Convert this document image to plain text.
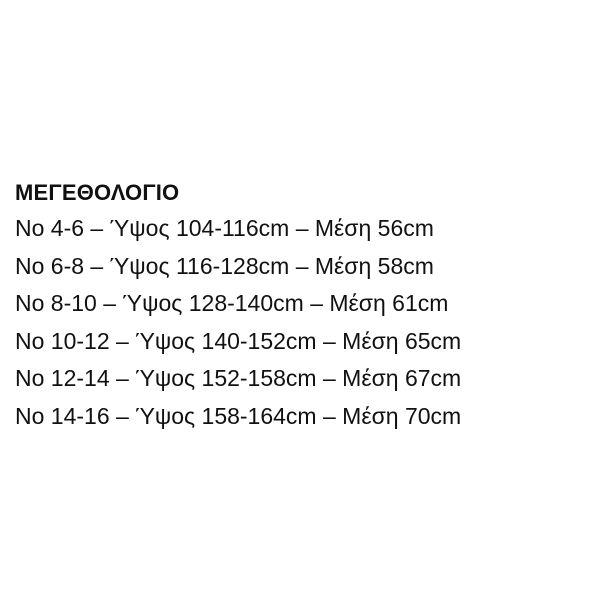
ΜΕΓΕΘΟΛΟΓΙΟ
No 4-6 – Ύψος 104-116cm – Μέση 56cm
No 6-8 – Ύψος 116-128cm – Μέση 58cm
No 8-10 – Ύψος 128-140cm – Μέση 61cm
No 10-12 – Ύψος 140-152cm – Μέση 65cm
No 12-14 – Ύψος 152-158cm – Μέση 67cm
No 14-16 – Ύψος 158-164cm – Μέση 70cm
